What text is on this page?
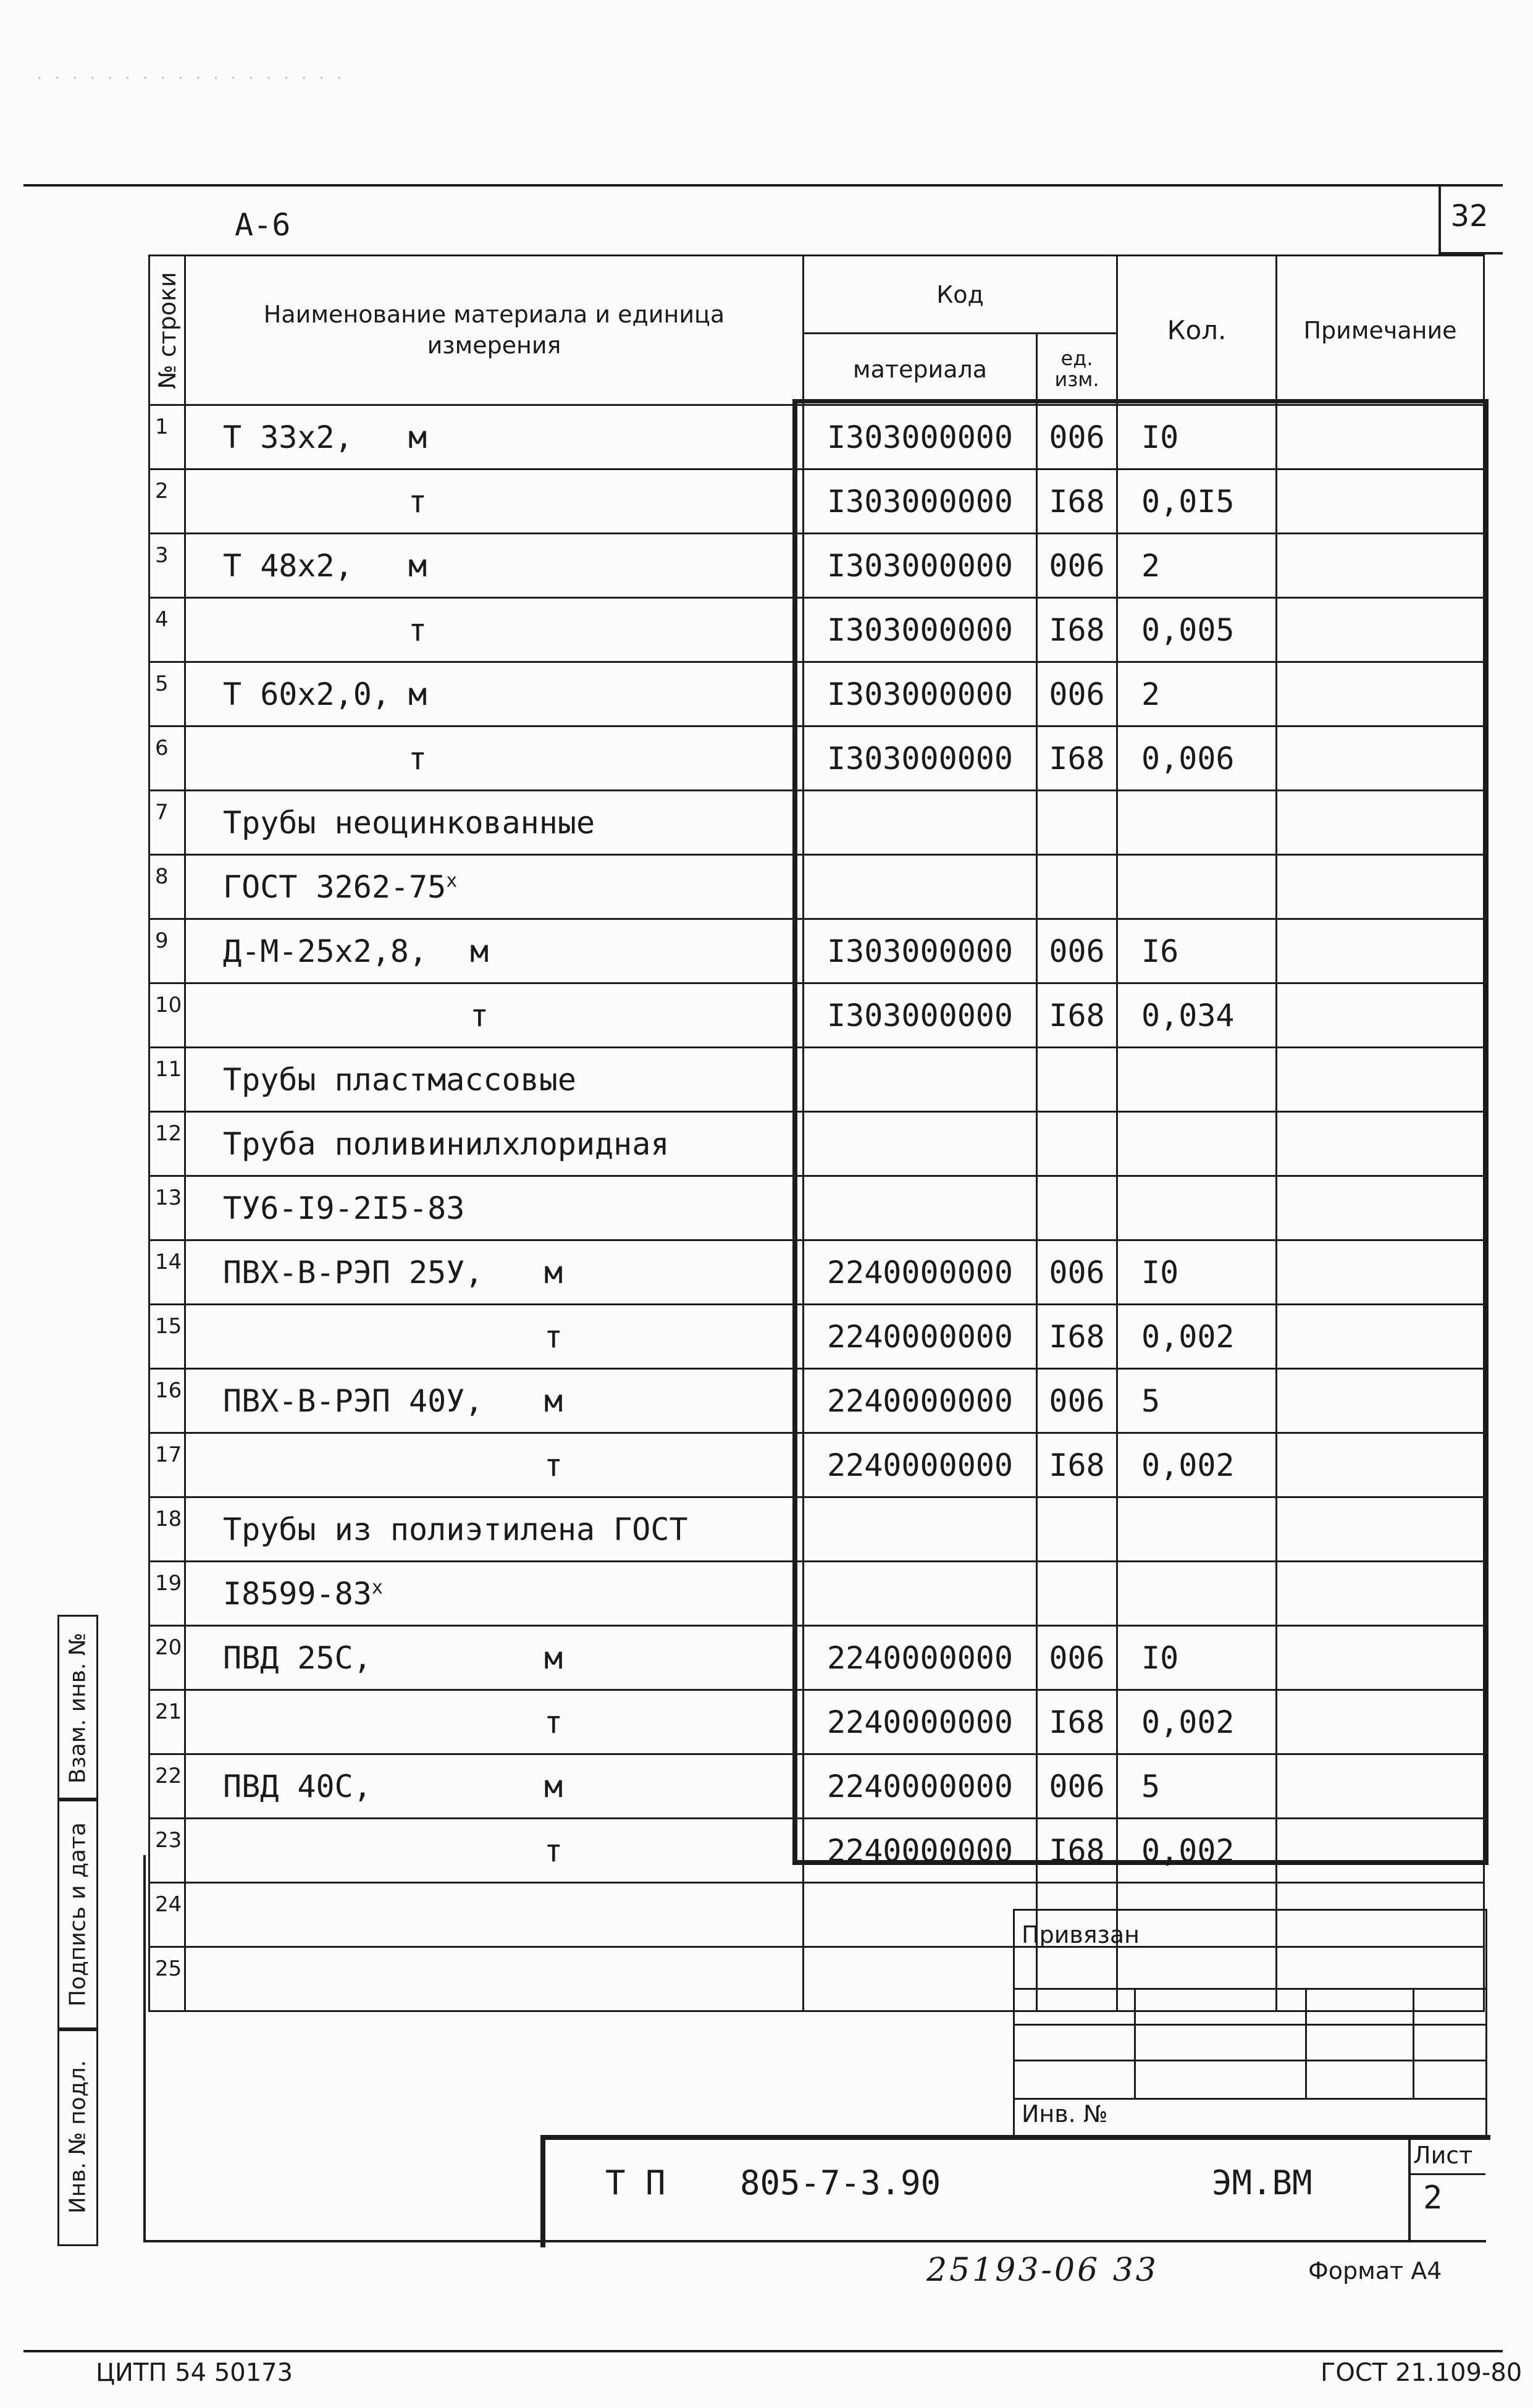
· · · · · · · · · · · · · · · · · ·
32
А-6
№ строки	Наименование материала и единица измерения	Код		Кол.	Примечание
		материала	ед. изм.		
1	Т 33х2, м	I303000000	006	I0	
2	т	I303000000	I68	0,0I5	
3	Т 48х2, м	I303000000	006	2	
4	т	I303000000	I68	0,005	
5	Т 60х2,0, м	I303000000	006	2	
6	т	I303000000	I68	0,006	
7	Трубы неоцинкованные				
8	ГОСТ $3262-75^х$				
9	Д-М-25х2,8, м	I303000000	006	I6	
10	т	I303000000	I68	0,034	
11	Трубы пластмассовые				
12	Труба поливинилхлоридная				
13	ТУ6-I9-2I5-83				
14	ПВХ-В-РЭП 25У, м	2240000000	006	I0	
15	т	2240000000	I68	0,002	
16	ПВХ-В-РЭП 40У, м	2240000000	006	5	
17	т	2240000000	I68	0,002	
18	Трубы из полиэтилена ГОСТ				
19	$I8599-83^х$				
20	ПВД 25С, м	2240000000	006	I0	
21	т	2240000000	I68	0,002	
22	ПВД 40С, м	2240000000	006	5	
23	т	2240000000	I68	0,002	
24					
25					
Взам. инв. №
Подпись и дата
Инв. № подл.

Привязан
Инв. №
Т П 805-7-3.90	ЭМ.ВМ
Лист
2
25193-06 33	Формат А4
ЦИТП 54 50173	ГОСТ 21.109-80
